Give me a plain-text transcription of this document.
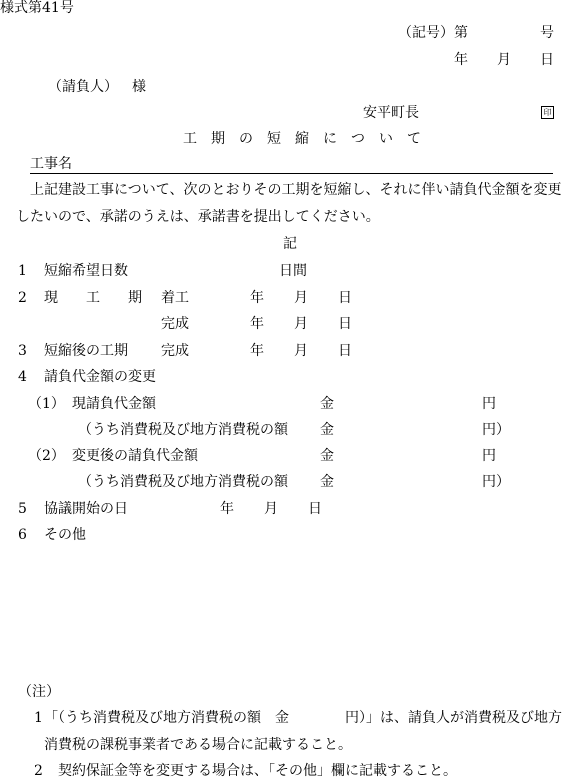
様式第41号
（記号）第	号
年 月 日
（請負人） 様
安平町長	印
工　期　の　短　縮　に　つ　い　て
工事名
上記建設工事について、次のとおりその工期を短縮し、それに伴い請負代金額を変更
したいので、承諾のうえは、承諾書を提出してください。
記
1 短縮希望日数	日間
2 現　　工　　期 着工	年 月 日
完成	年 月 日
3 短縮後の工期 完成	年 月 日
4 請負代金額の変更
（1） 現請負代金額	金	円
（うち消費税及び地方消費税の額 金	円）
（2） 変更後の請負代金額	金	円
（うち消費税及び地方消費税の額 金	円）
5 協議開始の日	年 月 日
6 その他
（注）
1 「（うち消費税及び地方消費税の額　金　　　　円）」は、請負人が消費税及び地方
消費税の課税事業者である場合に記載すること。
2 契約保証金等を変更する場合は、「その他」欄に記載すること。
